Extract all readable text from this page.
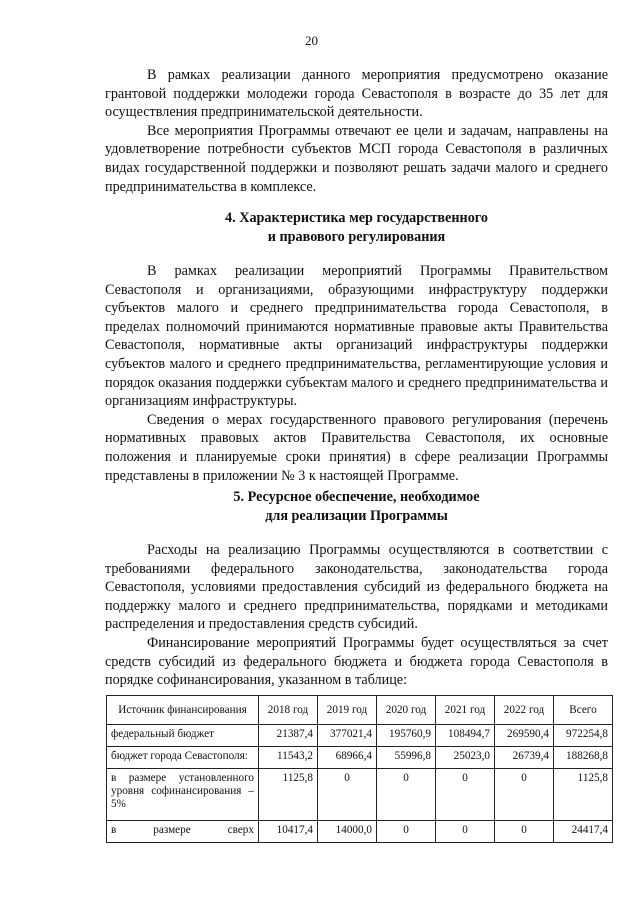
20

В рамках реализации данного мероприятия предусмотрено оказание грантовой поддержки молодежи города Севастополя в возрасте до 35 лет для осуществления предпринимательской деятельности.

Все мероприятия Программы отвечают ее цели и задачам, направлены на удовлетворение потребности субъектов МСП города Севастополя в различных видах государственной поддержки и позволяют решать задачи малого и среднего предпринимательства в комплексе.

4. Характеристика мер государственного
и правового регулирования

В рамках реализации мероприятий Программы Правительством Севастополя и организациями, образующими инфраструктуру поддержки субъектов малого и среднего предпринимательства города Севастополя, в пределах полномочий принимаются нормативные правовые акты Правительства Севастополя, нормативные акты организаций инфраструктуры поддержки субъектов малого и среднего предпринимательства, регламентирующие условия и порядок оказания поддержки субъектам малого и среднего предпринимательства и организациям инфраструктуры.

Сведения о мерах государственного правового регулирования (перечень нормативных правовых актов Правительства Севастополя, их основные положения и планируемые сроки принятия) в сфере реализации Программы представлены в приложении № 3 к настоящей Программе.

5. Ресурсное обеспечение, необходимое
для реализации Программы

Расходы на реализацию Программы осуществляются в соответствии с требованиями федерального законодательства, законодательства города Севастополя, условиями предоставления субсидий из федерального бюджета на поддержку малого и среднего предпринимательства, порядками и методиками распределения и предоставления средств субсидий.

Финансирование мероприятий Программы будет осуществляться за счет средств субсидий из федерального бюджета и бюджета города Севастополя в порядке софинансирования, указанном в таблице:

Источник финансирования	2018 год	2019 год	2020 год	2021 год	2022 год	Всего
федеральный бюджет	21387,4	377021,4	195760,9	108494,7	269590,4	972254,8
бюджет города Севастополя:	11543,2	68966,4	55996,8	25023,0	26739,4	188268,8
в размере установленного уровня софинансирования – 5%	1125,8	0	0	0	0	1125,8
в размере сверх	10417,4	14000,0	0	0	0	24417,4
